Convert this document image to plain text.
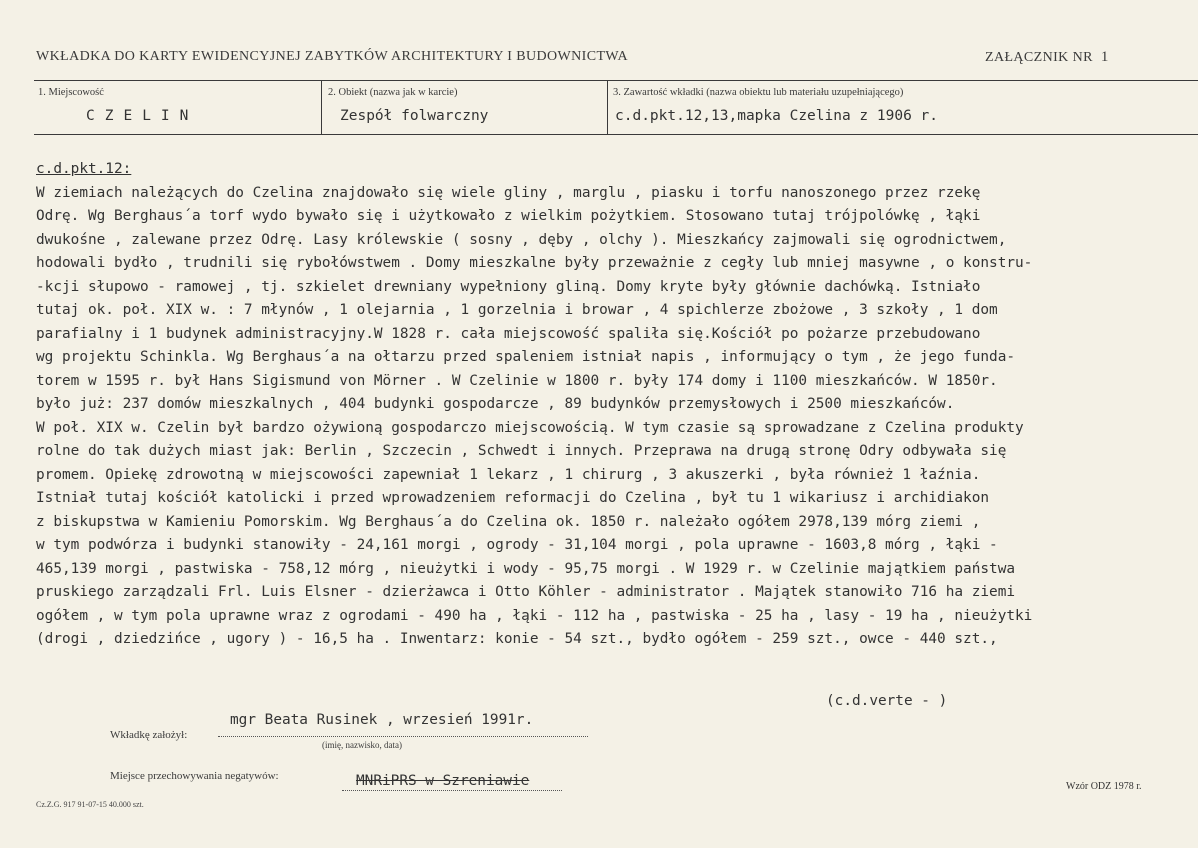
WKŁADKA DO KARTY EWIDENCYJNEJ ZABYTKÓW ARCHITEKTURY I BUDOWNICTWA	ZAŁĄCZNIK NR 1
1. Miejscowość
CZELIN
2. Obiekt (nazwa jak w karcie)
Zespół folwarczny
3. Zawartość wkładki (nazwa obiektu lub materiału uzupełniającego)
c.d.pkt.12,13,mapka Czelina z 1906 r.
c.d.pkt.12:
W ziemiach należących do Czelina znajdowało się wiele gliny , marglu , piasku i torfu nanoszonego przez rzekę
Odrę. Wg Berghaus´a torf wydo bywało się i użytkowało z wielkim pożytkiem. Stosowano tutaj trójpolówkę , łąki
dwukośne , zalewane przez Odrę. Lasy królewskie ( sosny , dęby , olchy ). Mieszkańcy zajmowali się ogrodnictwem,
hodowali bydło , trudnili się rybołówstwem . Domy mieszkalne były przeważnie z cegły lub mniej masywne , o konstru-
-kcji słupowo - ramowej , tj. szkielet drewniany wypełniony gliną. Domy kryte były głównie dachówką. Istniało
tutaj ok. poł. XIX w. : 7 młynów , 1 olejarnia , 1 gorzelnia i browar , 4 spichlerze zbożowe , 3 szkoły , 1 dom
parafialny i 1 budynek administracyjny.W 1828 r. cała miejscowość spaliła się.Kościół po pożarze przebudowano
wg projektu Schinkla. Wg Berghaus´a na ołtarzu przed spaleniem istniał napis , informujący o tym , że jego funda-
torem w 1595 r. był Hans Sigismund von Mörner . W Czelinie w 1800 r. były 174 domy i 1100 mieszkańców. W 1850r.
było już: 237 domów mieszkalnych , 404 budynki gospodarcze , 89 budynków przemysłowych i 2500 mieszkańców.
W poł. XIX w. Czelin był bardzo ożywioną gospodarczo miejscowością. W tym czasie są sprowadzane z Czelina produkty
rolne do tak dużych miast jak: Berlin , Szczecin , Schwedt i innych. Przeprawa na drugą stronę Odry odbywała się
promem. Opiekę zdrowotną w miejscowości zapewniał 1 lekarz , 1 chirurg , 3 akuszerki , była również 1 łaźnia.
Istniał tutaj kościół katolicki i przed wprowadzeniem reformacji do Czelina , był tu 1 wikariusz i archidiakon
z biskupstwa w Kamieniu Pomorskim. Wg Berghaus´a do Czelina ok. 1850 r. należało ogółem 2978,139 mórg ziemi ,
w tym podwórza i budynki stanowiły - 24,161 morgi , ogrody - 31,104 morgi , pola uprawne - 1603,8 mórg , łąki -
465,139 morgi , pastwiska - 758,12 mórg , nieużytki i wody - 95,75 morgi . W 1929 r. w Czelinie majątkiem państwa
pruskiego zarządzali Frl. Luis Elsner - dzierżawca i Otto Köhler - administrator . Majątek stanowiło 716 ha ziemi
ogółem , w tym pola uprawne wraz z ogrodami - 490 ha , łąki - 112 ha , pastwiska - 25 ha , lasy - 19 ha , nieużytki
(drogi , dziedzińce , ugory ) - 16,5 ha . Inwentarz: konie - 54 szt., bydło ogółem - 259 szt., owce - 440 szt.,
(c.d.verte - )
Wkładkę założył:
mgr Beata Rusinek , wrzesień 1991r.
(imię, nazwisko, data)
Miejsce przechowywania negatywów:	MNRiPRS w Szreniawie
Cz.Z.G. 917 91-07-15 40.000 szt.
Wzór ODZ 1978 r.
